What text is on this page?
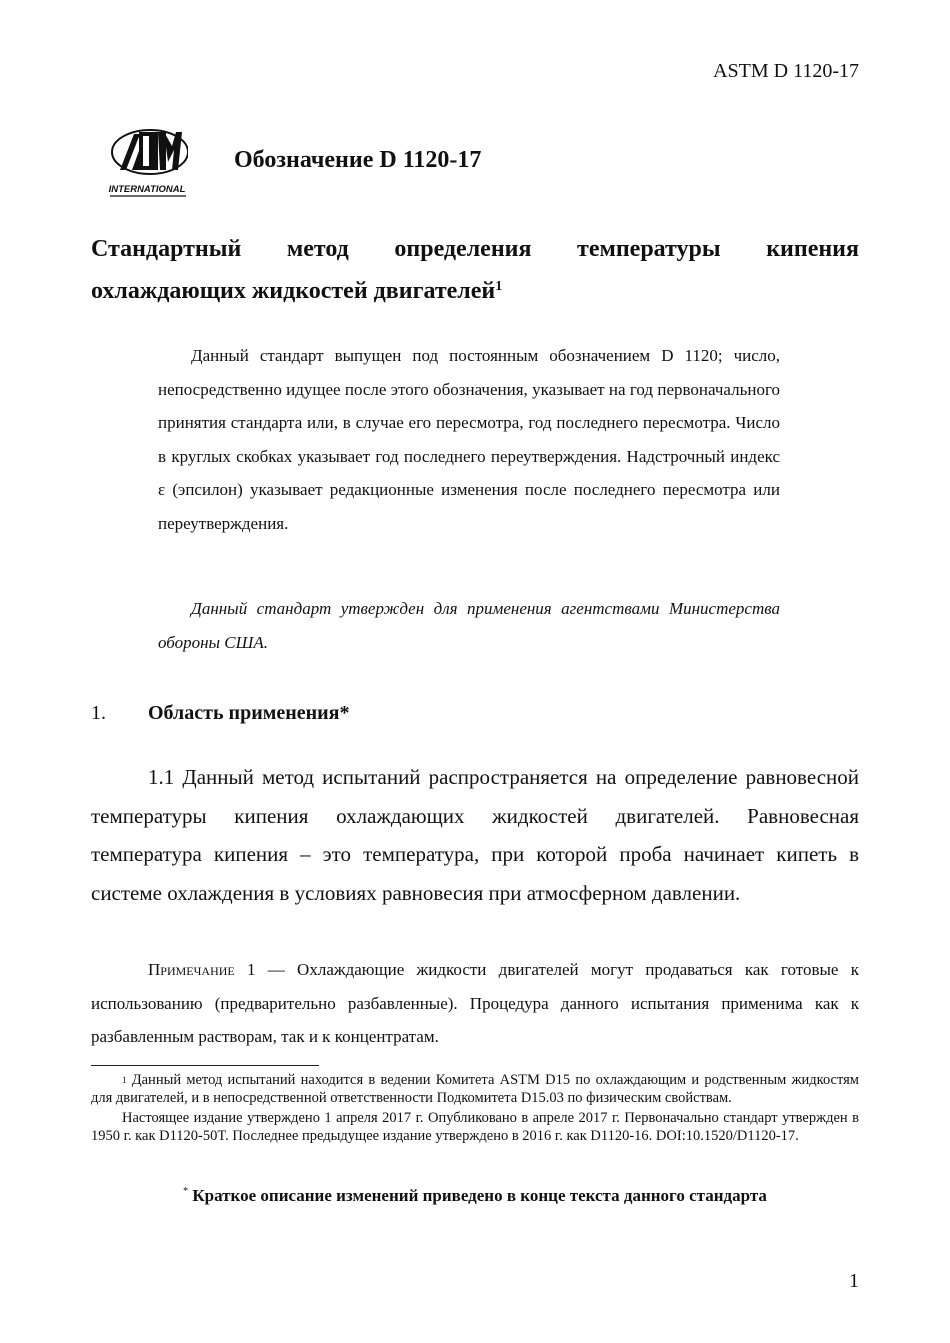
ASTM D 1120-17
INTERNATIONAL
Обозначение D 1120-17
Стандартный метод определения температуры кипения охлаждающих жидкостей двигателей$^1$
Данный стандарт выпущен под постоянным обозначением D 1120; число, непосредственно идущее после этого обозначения, указывает на год первоначального принятия стандарта или, в случае его пересмотра, год последнего пересмотра. Число в круглых скобках указывает год последнего переутверждения. Надстрочный индекс ε (эпсилон) указывает редакционные изменения после последнего пересмотра или переутверждения.
Данный стандарт утвержден для применения агентствами Министерства обороны США.
1. Область применения*
1.1 Данный метод испытаний распространяется на определение равновесной температуры кипения охлаждающих жидкостей двигателей. Равновесная температура кипения – это температура, при которой проба начинает кипеть в системе охлаждения в условиях равновесия при атмосферном давлении.
Примечание 1 — Охлаждающие жидкости двигателей могут продаваться как готовые к использованию (предварительно разбавленные). Процедура данного испытания применима как к разбавленным растворам, так и к концентратам.

$^1$ Данный метод испытаний находится в ведении Комитета ASTM D15 по охлаждающим и родственным жидкостям для двигателей, и в непосредственной ответственности Подкомитета D15.03 по физическим свойствам.

Настоящее издание утверждено 1 апреля 2017 г. Опубликовано в апреле 2017 г. Первоначально стандарт утвержден в 1950 г. как D1120-50T. Последнее предыдущее издание утверждено в 2016 г. как D1120-16. DOI:10.1520/D1120-17.

* Краткое описание изменений приведено в конце текста данного стандарта
1
